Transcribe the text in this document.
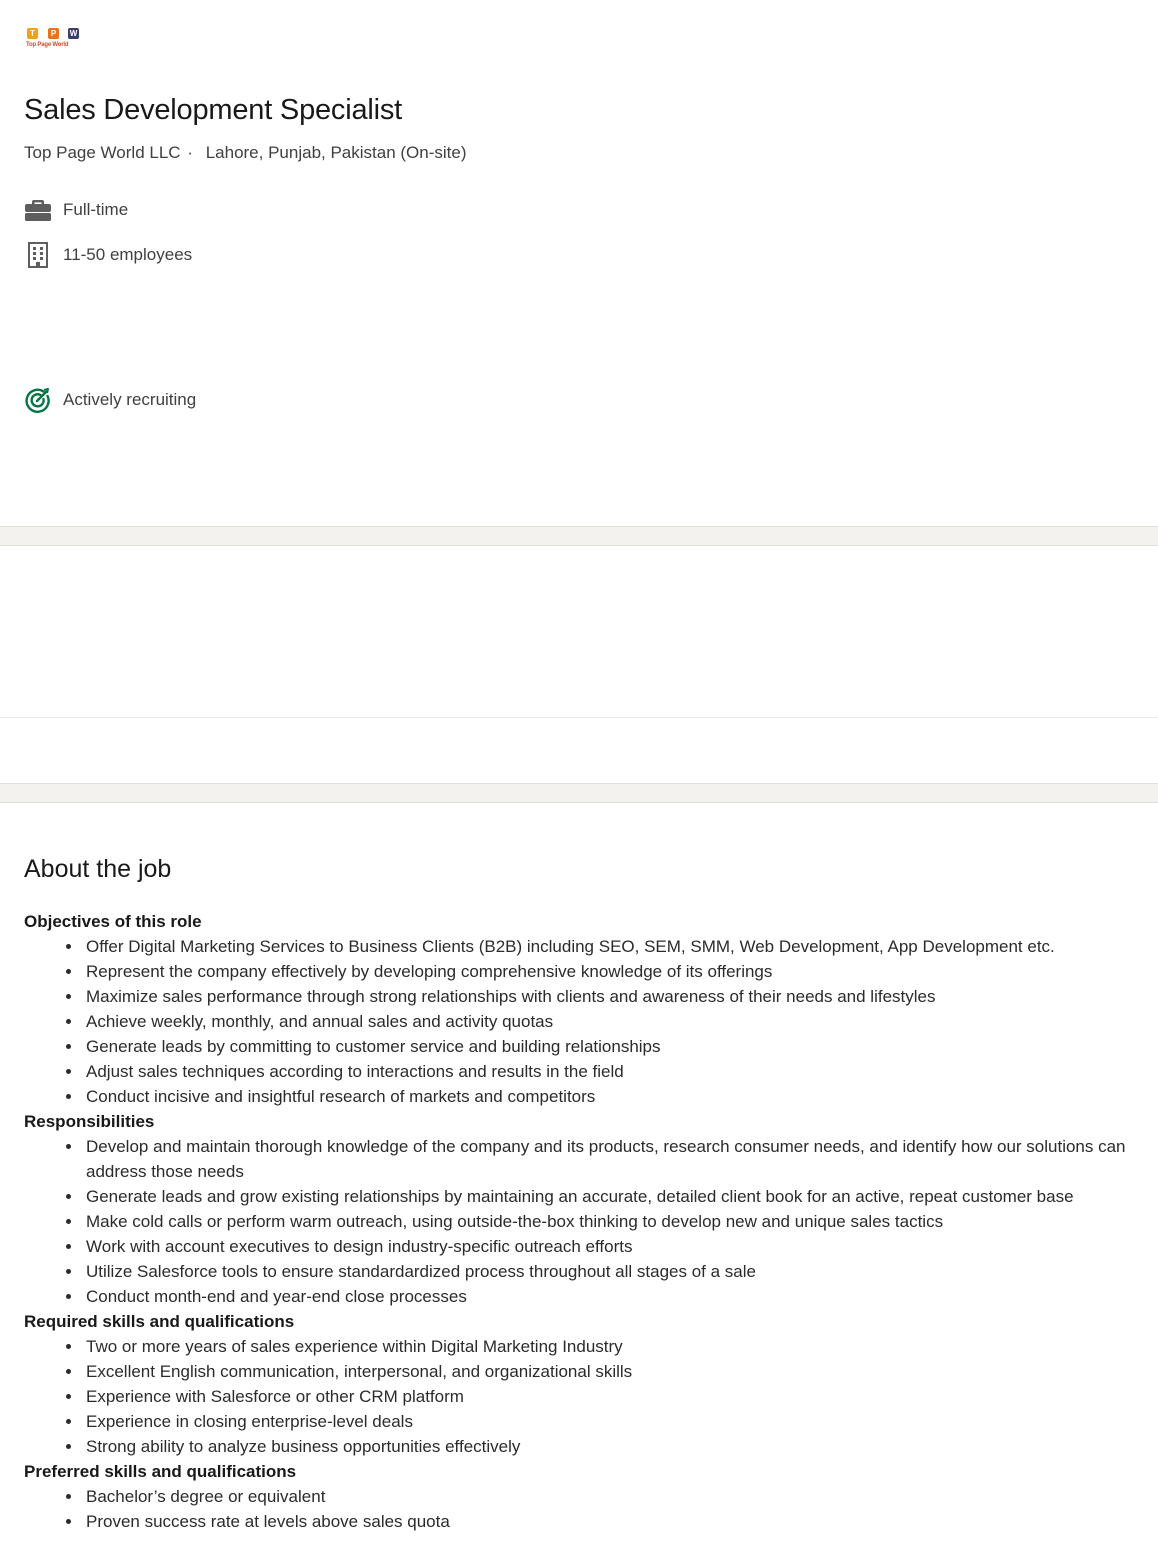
T	P	W
Top Page World
Sales Development Specialist
Top Page World LLC · Lahore, Punjab, Pakistan (On-site)
Full-time
11-50 employees
Actively recruiting
About the job

Objectives of this role

Offer Digital Marketing Services to Business Clients (B2B) including SEO, SEM, SMM, Web Development, App Development etc.
Represent the company effectively by developing comprehensive knowledge of its offerings
Maximize sales performance through strong relationships with clients and awareness of their needs and lifestyles
Achieve weekly, monthly, and annual sales and activity quotas
Generate leads by committing to customer service and building relationships
Adjust sales techniques according to interactions and results in the field
Conduct incisive and insightful research of markets and competitors

Responsibilities

Develop and maintain thorough knowledge of the company and its products, research consumer needs, and identify how our solutions can address those needs
Generate leads and grow existing relationships by maintaining an accurate, detailed client book for an active, repeat customer base
Make cold calls or perform warm outreach, using outside-the-box thinking to develop new and unique sales tactics
Work with account executives to design industry-specific outreach efforts
Utilize Salesforce tools to ensure standardardized process throughout all stages of a sale
Conduct month-end and year-end close processes

Required skills and qualifications

Two or more years of sales experience within Digital Marketing Industry
Excellent English communication, interpersonal, and organizational skills
Experience with Salesforce or other CRM platform
Experience in closing enterprise-level deals
Strong ability to analyze business opportunities effectively

Preferred skills and qualifications

Bachelor’s degree or equivalent
Proven success rate at levels above sales quota
